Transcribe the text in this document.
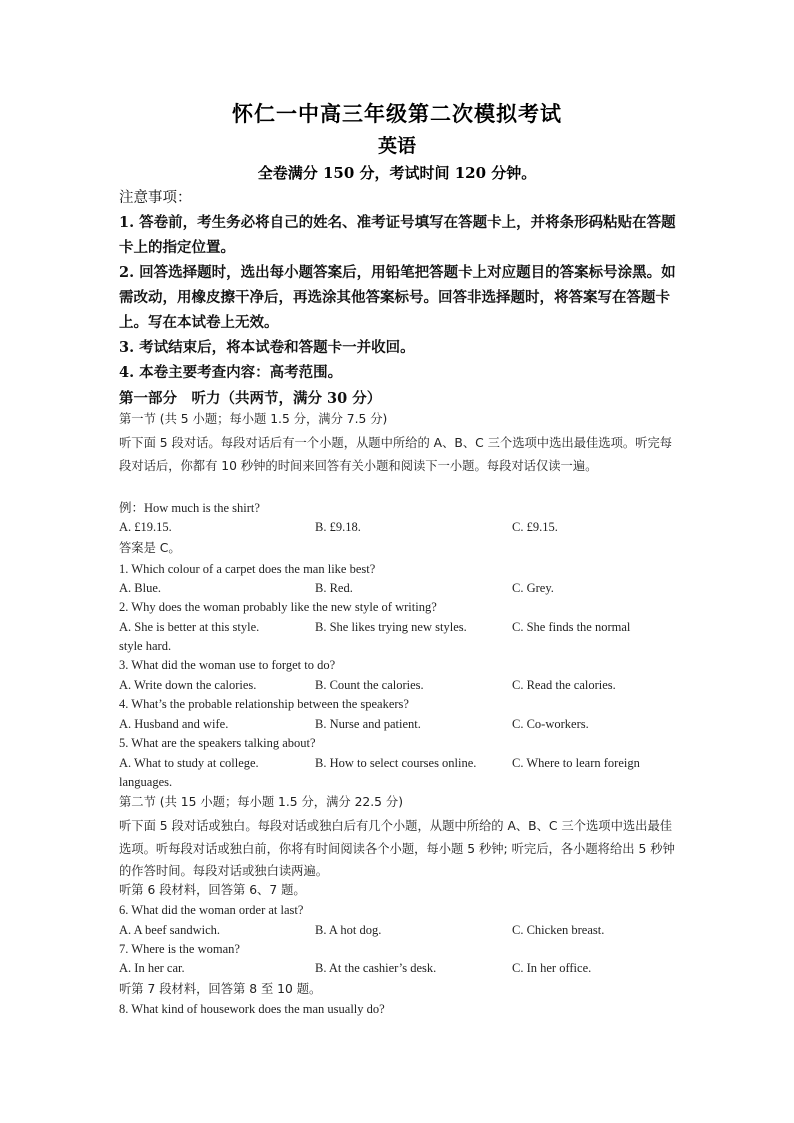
怀仁一中高三年级第二次模拟考试
英语
全卷满分 150 分，考试时间 120 分钟。
注意事项：
1. 答卷前，考生务必将自己的姓名、准考证号填写在答题卡上，并将条形码粘贴在答题卡上的指定位置。
2. 回答选择题时，选出每小题答案后，用铅笔把答题卡上对应题目的答案标号涂黑。如需改动，用橡皮擦干净后，再选涂其他答案标号。回答非选择题时，将答案写在答题卡上。写在本试卷上无效。
3. 考试结束后，将本试卷和答题卡一并收回。
4. 本卷主要考查内容：高考范围。
第一部分　听力（共两节，满分 30 分）
第一节 (共 5 小题；每小题 1.5 分，满分 7.5 分)
听下面 5 段对话。每段对话后有一个小题，从题中所给的 A、B、C 三个选项中选出最佳选项。听完每段对话后，你都有 10 秒钟的时间来回答有关小题和阅读下一小题。每段对话仅读一遍。
例：How much is the shirt?
A. £19.15.	B. £9.18.	C. £9.15.
答案是 C。
1. Which colour of a carpet does the man like best?
A. Blue.	B. Red.	C. Grey.
2. Why does the woman probably like the new style of writing?
A. She is better at this style.	B. She likes trying new styles.	C. She finds the normal
style hard.
3. What did the woman use to forget to do?
A. Write down the calories.	B. Count the calories.	C. Read the calories.
4. What’s the probable relationship between the speakers?
A. Husband and wife.	B. Nurse and patient.	C. Co-workers.
5. What are the speakers talking about?
A. What to study at college.	B. How to select courses online.	C. Where to learn foreign
languages.
第二节 (共 15 小题；每小题 1.5 分，满分 22.5 分)
听下面 5 段对话或独白。每段对话或独白后有几个小题，从题中所给的 A、B、C 三个选项中选出最佳选项。听每段对话或独白前，你将有时间阅读各个小题，每小题 5 秒钟; 听完后，各小题将给出 5 秒钟的作答时间。每段对话或独白读两遍。
听第 6 段材料，回答第 6、7 题。
6. What did the woman order at last?
A. A beef sandwich.	B. A hot dog.	C. Chicken breast.
7. Where is the woman?
A. In her car.	B. At the cashier’s desk.	C. In her office.
听第 7 段材料，回答第 8 至 10 题。
8. What kind of housework does the man usually do?
